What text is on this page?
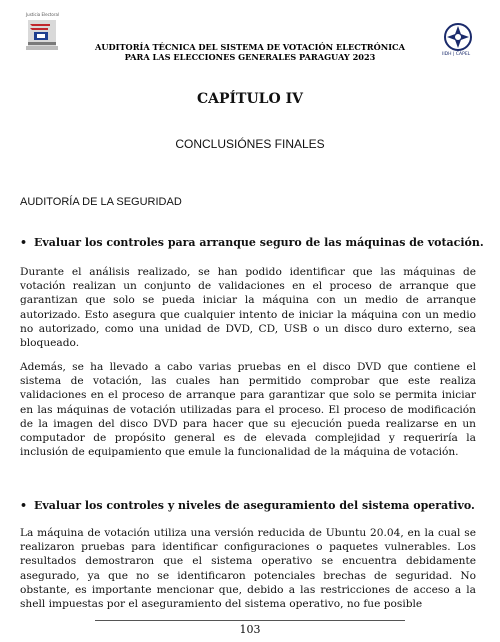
Justicia Electoral
AUDITORÍA TÉCNICA DEL SISTEMA DE VOTACIÓN ELECTRÓNICA
PARA LAS ELECCIONES GENERALES PARAGUAY 2023	IIDH | CAPEL
CAPÍTULO IV
CONCLUSIÓNES FINALES
AUDITORÍA DE LA SEGURIDAD
• Evaluar los controles para arranque seguro de las máquinas de votación.
Durante el análisis realizado, se han podido identificar que las máquinas de votación realizan un conjunto de validaciones en el proceso de arranque que garantizan que solo se pueda iniciar la máquina con un medio de arranque autorizado. Esto asegura que cualquier intento de iniciar la máquina con un medio no autorizado, como una unidad de DVD, CD, USB o un disco duro externo, sea bloqueado.
Además, se ha llevado a cabo varias pruebas en el disco DVD que contiene el sistema de votación, las cuales han permitido comprobar que este realiza validaciones en el proceso de arranque para garantizar que solo se permita iniciar en las máquinas de votación utilizadas para el proceso. El proceso de modificación de la imagen del disco DVD para hacer que su ejecución pueda realizarse en un computador de propósito general es de elevada complejidad y requeriría la inclusión de equipamiento que emule la funcionalidad de la máquina de votación.
• Evaluar los controles y niveles de aseguramiento del sistema operativo.
La máquina de votación utiliza una versión reducida de Ubuntu 20.04, en la cual se realizaron pruebas para identificar configuraciones o paquetes vulnerables. Los resultados demostraron que el sistema operativo se encuentra debidamente asegurado, ya que no se identificaron potenciales brechas de seguridad. No obstante, es importante mencionar que, debido a las restricciones de acceso a la shell impuestas por el aseguramiento del sistema operativo, no fue posible
103
